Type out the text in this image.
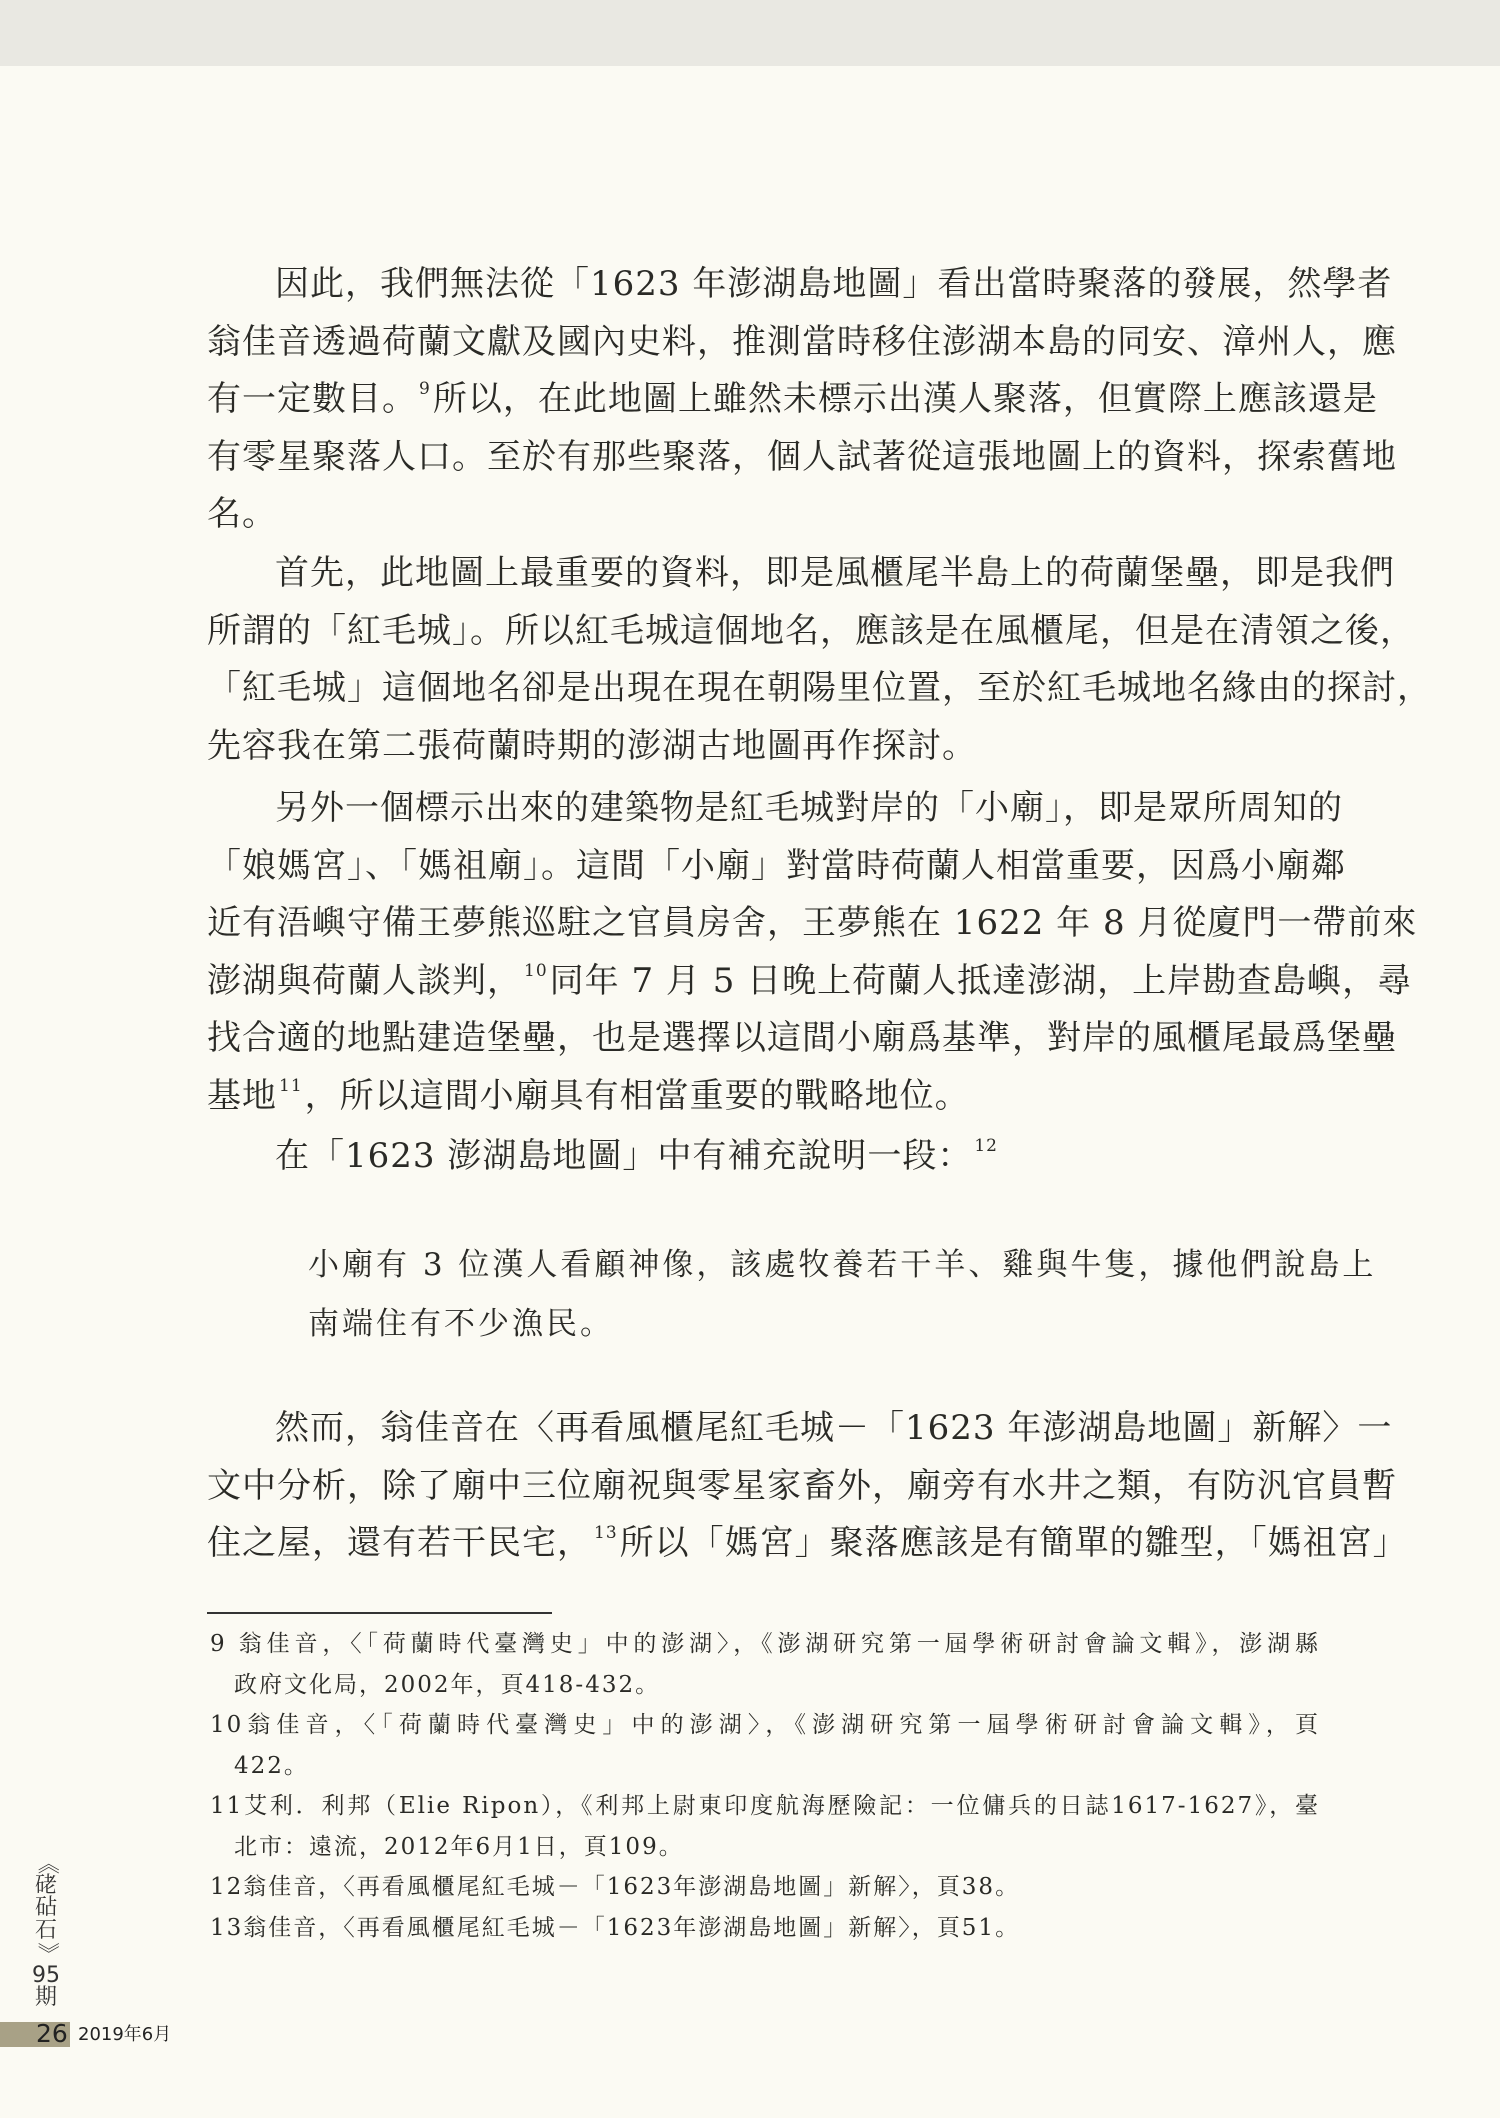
因此，我們無法從「1623 年澎湖島地圖」看出當時聚落的發展，然學者
翁佳音透過荷蘭文獻及國內史料，推測當時移住澎湖本島的同安、漳州人，應
有一定數目。 $^9$所以，在此地圖上雖然未標示出漢人聚落，但實際上應該還是
有零星聚落人口。至於有那些聚落，個人試著從這張地圖上的資料，探索舊地
名。
首先，此地圖上最重要的資料，即是風櫃尾半島上的荷蘭堡壘，即是我們
所謂的「紅毛城」。所以紅毛城這個地名，應該是在風櫃尾，但是在清領之後，
「紅毛城」這個地名卻是出現在現在朝陽里位置，至於紅毛城地名緣由的探討，
先容我在第二張荷蘭時期的澎湖古地圖再作探討。
另外一個標示出來的建築物是紅毛城對岸的「小廟」，即是眾所周知的
「娘媽宮」、「媽祖廟」。這間「小廟」對當時荷蘭人相當重要，因爲小廟鄰
近有浯嶼守備王夢熊巡駐之官員房舍，王夢熊在 1622 年 8 月從廈門一帶前來
澎湖與荷蘭人談判， $^{10}$同年 7 月 5 日晚上荷蘭人抵達澎湖，上岸勘查島嶼，尋
找合適的地點建造堡壘，也是選擇以這間小廟爲基準，對岸的風櫃尾最爲堡壘
基地 $^{11}$，所以這間小廟具有相當重要的戰略地位。
在「1623 澎湖島地圖」中有補充說明一段： $^{12}$
然而，翁佳音在〈再看風櫃尾紅毛城－「1623 年澎湖島地圖」新解〉一
文中分析，除了廟中三位廟祝與零星家畜外，廟旁有水井之類，有防汎官員暫
住之屋，還有若干民宅， $^{13}$所以「媽宮」聚落應該是有簡單的雛型，「媽祖宮」
小廟有 3 位漢人看顧神像，該處牧養若干羊、雞與牛隻，據他們說島上
南端住有不少漁民。
9 翁佳音，〈「荷蘭時代臺灣史」中的澎湖〉，《澎湖研究第一屆學術研討會論文輯》，澎湖縣
政府文化局，2002年，頁418-432。
10翁佳音，〈「荷蘭時代臺灣史」中的澎湖〉，《澎湖研究第一屆學術研討會論文輯》，頁
422。
11艾利．利邦（Elie Ripon），《利邦上尉東印度航海歷險記：一位傭兵的日誌1617-1627》，臺
北市：遠流，2012年6月1日，頁109。
12翁佳音，〈再看風櫃尾紅毛城－「1623年澎湖島地圖」新解〉，頁38。
13翁佳音，〈再看風櫃尾紅毛城－「1623年澎湖島地圖」新解〉，頁51。
《
硓
砧
石
》
95
期
26 2019年6月
